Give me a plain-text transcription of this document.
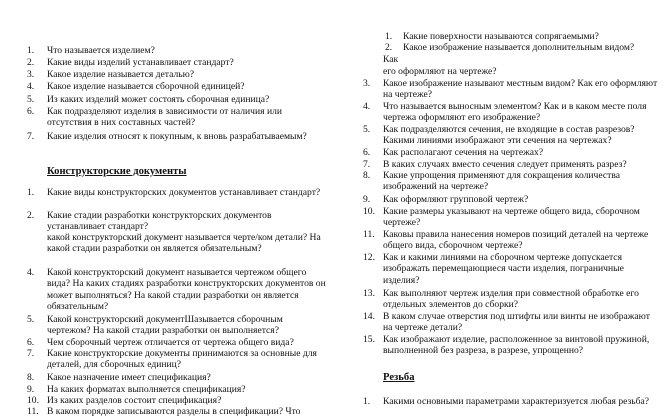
1.	Что называется изделием?
2.	Какие виды изделий устанавливает стандарт?
3.	Какое изделие называется деталью?
4.	Какое изделие называется сборочной единицей?
5.	Из каких изделий может состоять сборочная единица?
6.	Как подразделяют изделия в зависимости от наличия или отсутствия в них составных частей?
7.	Какие изделия относят к покупным, к вновь разрабатываемым?
Конструкторские документы
1.	Какие виды конструкторских документов устанавливает стандарт?
2.	Какие стадии разработки конструкторских документов устанавливает стандарт?
какой конструкторский документ называется черте/ком детали? На какой стадии разработки он является обязательным?
4.	Какой конструкторский документ называется чертежом общего вида? На каких стадиях разработки конструкторских документов он может выполняться? На какой стадии разработки он является обязательным?
5.	Какой конструкторский документШазывается сборочным чертежом? На какой стадии разработки он выполняется?
6.	Чем сборочный чертеж отличается от чертежа общего вида?
7.	Какие конструкторские документы принимаются за основные для деталей, для сборочных единиц?
8.	Какое назначение имеет спецификация?
9.	На каких форматах выполняется спецификация?
10. Из каких разделов состоит спецификация?
11. В каком порядке записываются разделы в спецификации? Что
1.	Какие поверхности называются сопрягаемыми?
2.	Какое изображение называется дополнительным видом?
Как
его оформляют на чертеже?
3.	Какое изображение называют местным видом? Как его оформляют на чертеже?
4.	Что называется выносным элементом? Как и в каком месте поля чертежа оформляют его изображение?
5.	Как подразделяются сечения, не входящие в состав разрезов? Какими линиями изображают эти сечения на чертежах?
6.	Как располагают сечения на чертежах?
7.	В каких случаях вместо сечения следует применять разрез?
8.	Какие упрощения применяют для сокращения количества изображений на чертеже?
9.	Как оформляют групповой чертеж?
10. Какие размеры указывают на чертеже общего вида, сборочном чертеже?
11. Каковы правила нанесения номеров позиций деталей на чертеже общего вида, сборочном чертеже?
12. Как и какими линиями на сборочном чертеже допускается изображать перемещающиеся части изделия, пограничные изделия?
13. Как выполняют чертеж изделия при совместной обработке его отдельных элементов до сборки?
14. В каком случае отверстия под штифты или винты не изображают на чертеже детали?
15. Как изображают изделие, расположенное за винтовой пружиной, выполненной без разреза, в разрезе, упрощенно?
Резьба
1.	Какими основными параметрами характеризуется любая резьба?
